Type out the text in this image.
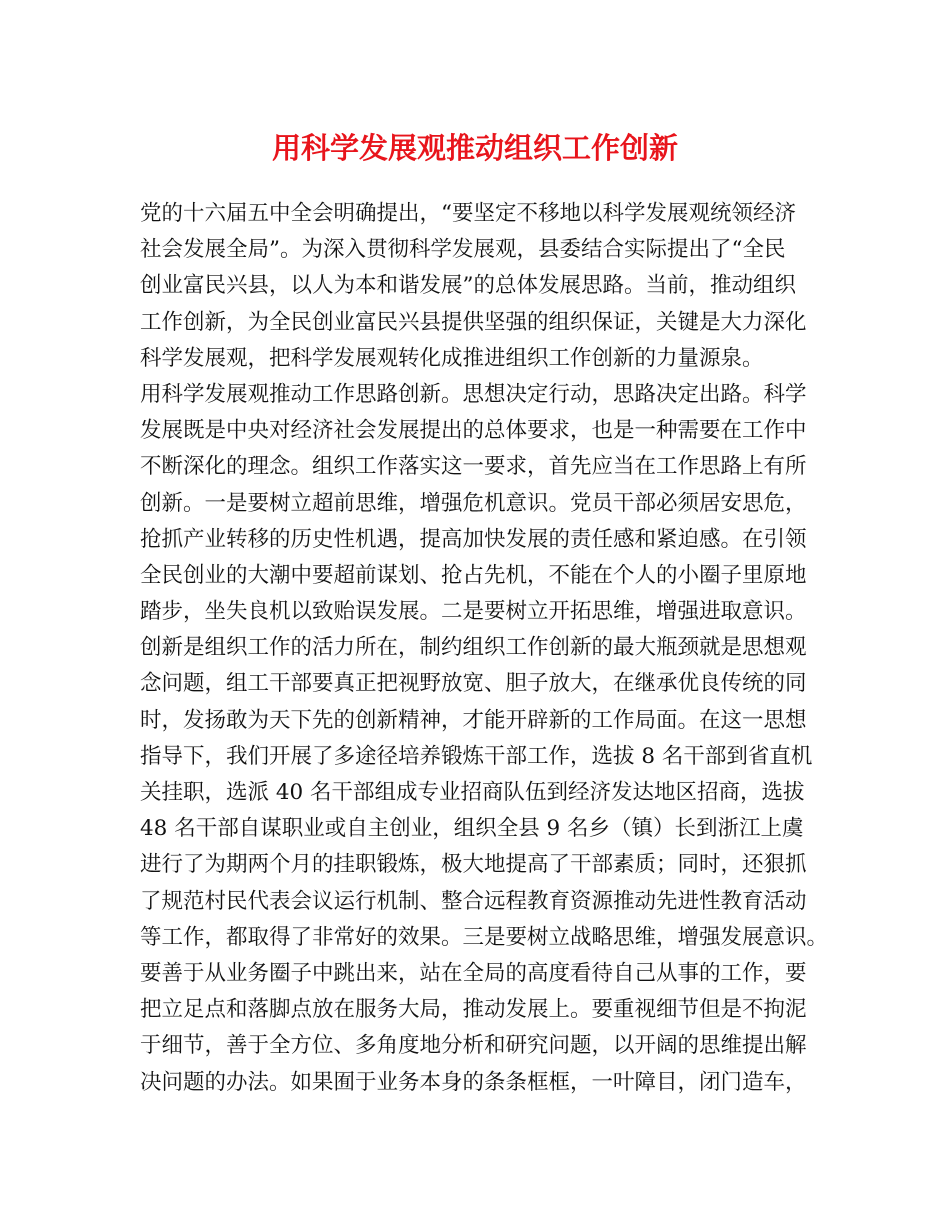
用科学发展观推动组织工作创新
党的十六届五中全会明确提出，“要坚定不移地以科学发展观统领经济
社会发展全局”。为深入贯彻科学发展观，县委结合实际提出了“全民
创业富民兴县，以人为本和谐发展”的总体发展思路。当前，推动组织
工作创新，为全民创业富民兴县提供坚强的组织保证，关键是大力深化
科学发展观，把科学发展观转化成推进组织工作创新的力量源泉。
用科学发展观推动工作思路创新。思想决定行动，思路决定出路。科学
发展既是中央对经济社会发展提出的总体要求，也是一种需要在工作中
不断深化的理念。组织工作落实这一要求，首先应当在工作思路上有所
创新。一是要树立超前思维，增强危机意识。党员干部必须居安思危，
抢抓产业转移的历史性机遇，提高加快发展的责任感和紧迫感。在引领
全民创业的大潮中要超前谋划、抢占先机，不能在个人的小圈子里原地
踏步，坐失良机以致贻误发展。二是要树立开拓思维，增强进取意识。
创新是组织工作的活力所在，制约组织工作创新的最大瓶颈就是思想观
念问题，组工干部要真正把视野放宽、胆子放大，在继承优良传统的同
时，发扬敢为天下先的创新精神，才能开辟新的工作局面。在这一思想
指导下，我们开展了多途径培养锻炼干部工作，选拔 8 名干部到省直机
关挂职，选派 40 名干部组成专业招商队伍到经济发达地区招商，选拔
48 名干部自谋职业或自主创业，组织全县 9 名乡（镇）长到浙江上虞
进行了为期两个月的挂职锻炼，极大地提高了干部素质；同时，还狠抓
了规范村民代表会议运行机制、整合远程教育资源推动先进性教育活动
等工作，都取得了非常好的效果。三是要树立战略思维，增强发展意识。
要善于从业务圈子中跳出来，站在全局的高度看待自己从事的工作，要
把立足点和落脚点放在服务大局，推动发展上。要重视细节但是不拘泥
于细节，善于全方位、多角度地分析和研究问题，以开阔的思维提出解
决问题的办法。如果囿于业务本身的条条框框，一叶障目，闭门造车，
